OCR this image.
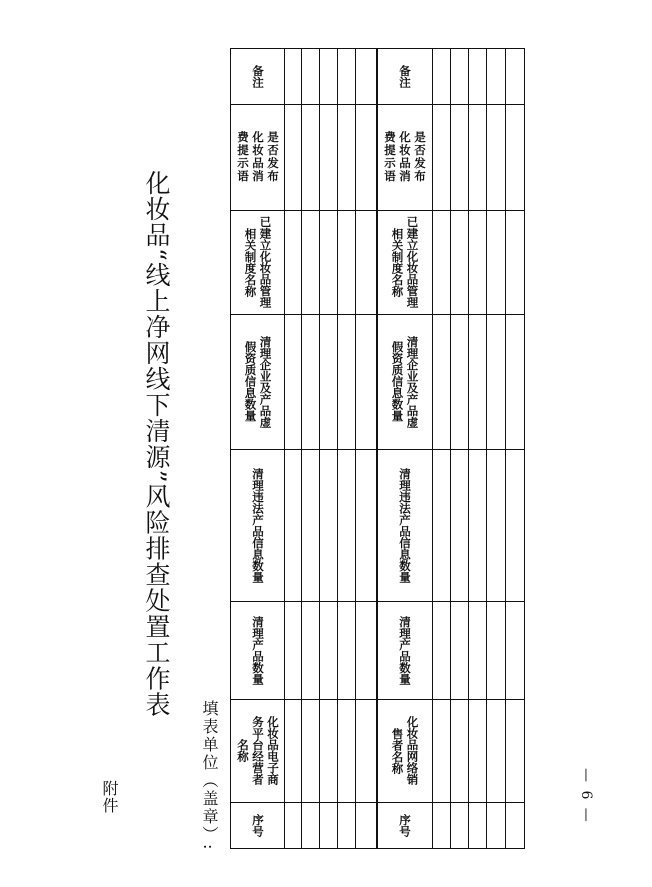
附件
化妆品“线上净网线下清源”风险排查处置工作表
填表单位（盖章）:	— 6 —
序号
化妆品电子商
务平台经营者
名称
清理产品数量
清理违法产品信息数量
清理企业及产品虚
假资质信息数量
已建立化妆品管理
相关制度名称
是否发布
化妆品消
费提示语
备注
序号
化妆品网络销
售者名称
清理产品数量
清理违法产品信息数量
清理企业及产品虚
假资质信息数量
已建立化妆品管理
相关制度名称
是否发布
化妆品消
费提示语
备注
